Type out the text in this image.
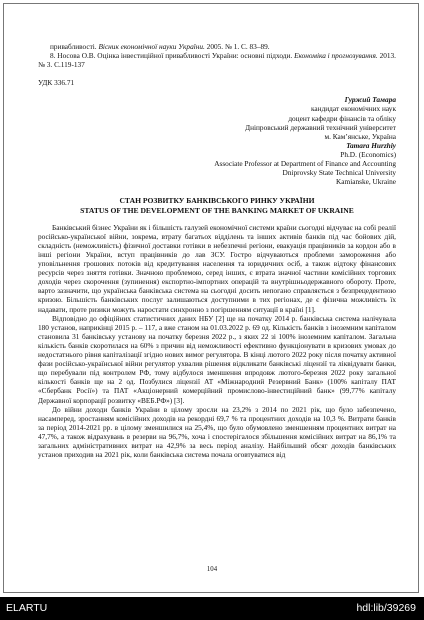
привабливості. Вісник економічної науки України. 2005. № 1. С. 83–89.

8. Носова О.В. Оцінка інвестиційної привабливості України: основні підходи. Економіка і прогнозування. 2013. № 3. С.119-137

УДК 336.71

Гуржий Тамара

кандидат економічних наук

доцент кафедри фінансів та обліку

Дніпровський державний технічний університет

м. Кам’янське, Україна

Tamara Hurzhiy

Ph.D. (Economics)

Associate Professor at Department of Finance and Accounting

Dniprovsky State Technical University

Kamianske, Ukraine

СТАН РОЗВИТКУ БАНКІВСЬКОГО РИНКУ УКРАЇНИ

STATUS OF THE DEVELOPMENT OF THE BANKING MARKET OF UKRAINE

Банківський бізнес України як і більшість галузей економічної системи країни сьогодні відчуває на собі реалії російсько-української війни, зокрема, втрату багатьох відділень та інших активів банків під час бойових дій, складність (неможливість) фізичної доставки готівки в небезпечні регіони, евакуація працівників за кордон або в інші регіони України, вступ працівників до лав ЗСУ. Гостро відчуваються проблеми замороження або уповільнення грошових потоків від кредитування населення та юридичних осіб, а також відтоку фінансових ресурсів через зняття готівки. Значною проблемою, серед інших, є втрата значної частини комісійних торгових доходів через скорочення (зупинення) експортно-імпортних операцій та внутрішньодержавного обороту. Проте, варто зазначити, що українська банківська система на сьогодні досить непогано справляється з безпрецедентною кризою. Більшість банківських послуг залишаються доступними в тих регіонах, де є фізична можливість їх надавати, проте ризики можуть наростати синхронно з погіршенням ситуації в країні [1].

Відповідно до офіційних статистичних даних НБУ [2] ще на початку 2014 р. банківська система налічувала 180 установ, наприкінці 2015 р. – 117, а вже станом на 01.03.2022 р. 69 од. Кількість банків з іноземним капіталом становила 31 банківську установу на початку березня 2022 р., з яких 22 зі 100% іноземним капіталом. Загальна кількість банків скоротилася на 60% з причин від неможливості ефективно функціонувати в кризових умовах до недостатнього рівня капіталізації згідно нових вимог регулятора. В кінці лютого 2022 року після початку активної фази російсько-української війни регулятор ухвалив рішення відкликати банківські ліцензії та ліквідувати банки, що перебували під контролем РФ, тому відбулося зменшення впродовж лютого-березня 2022 року загальної кількості банків ще на 2 од. Позбулися ліцензії АТ «Міжнародний Резервний Банк» (100% капіталу ПАТ «Сбербанк Росії») та ПАТ «Акціонерний комерційний промислово-інвестиційний банк» (99,77% капіталу Державної корпорації розвитку «ВЕБ.РФ») [3].

До війни доходи банків України в цілому зросли на 23,2% з 2014 по 2021 рік, що було забезпечено, насамперед, зростанням комісійних доходів на рекордні 69,7 % та процентних доходів на 10,3 %. Витрати банків за період 2014-2021 рр. в цілому зменшилися на 25,4%, що було обумовлено зменшенням процентних витрат на 47,7%, а також відрахувань в резерви на 96,7%, хоча і спостерігалося збільшення комісійних витрат на 86,1% та загальних адміністративних витрат на 42,9% за весь період аналізу. Найбільший обсяг доходів банківських установ приходив на 2021 рік, коли банківська система почала оговтуватися від

104
ELARTU	hdl:lib/39269
